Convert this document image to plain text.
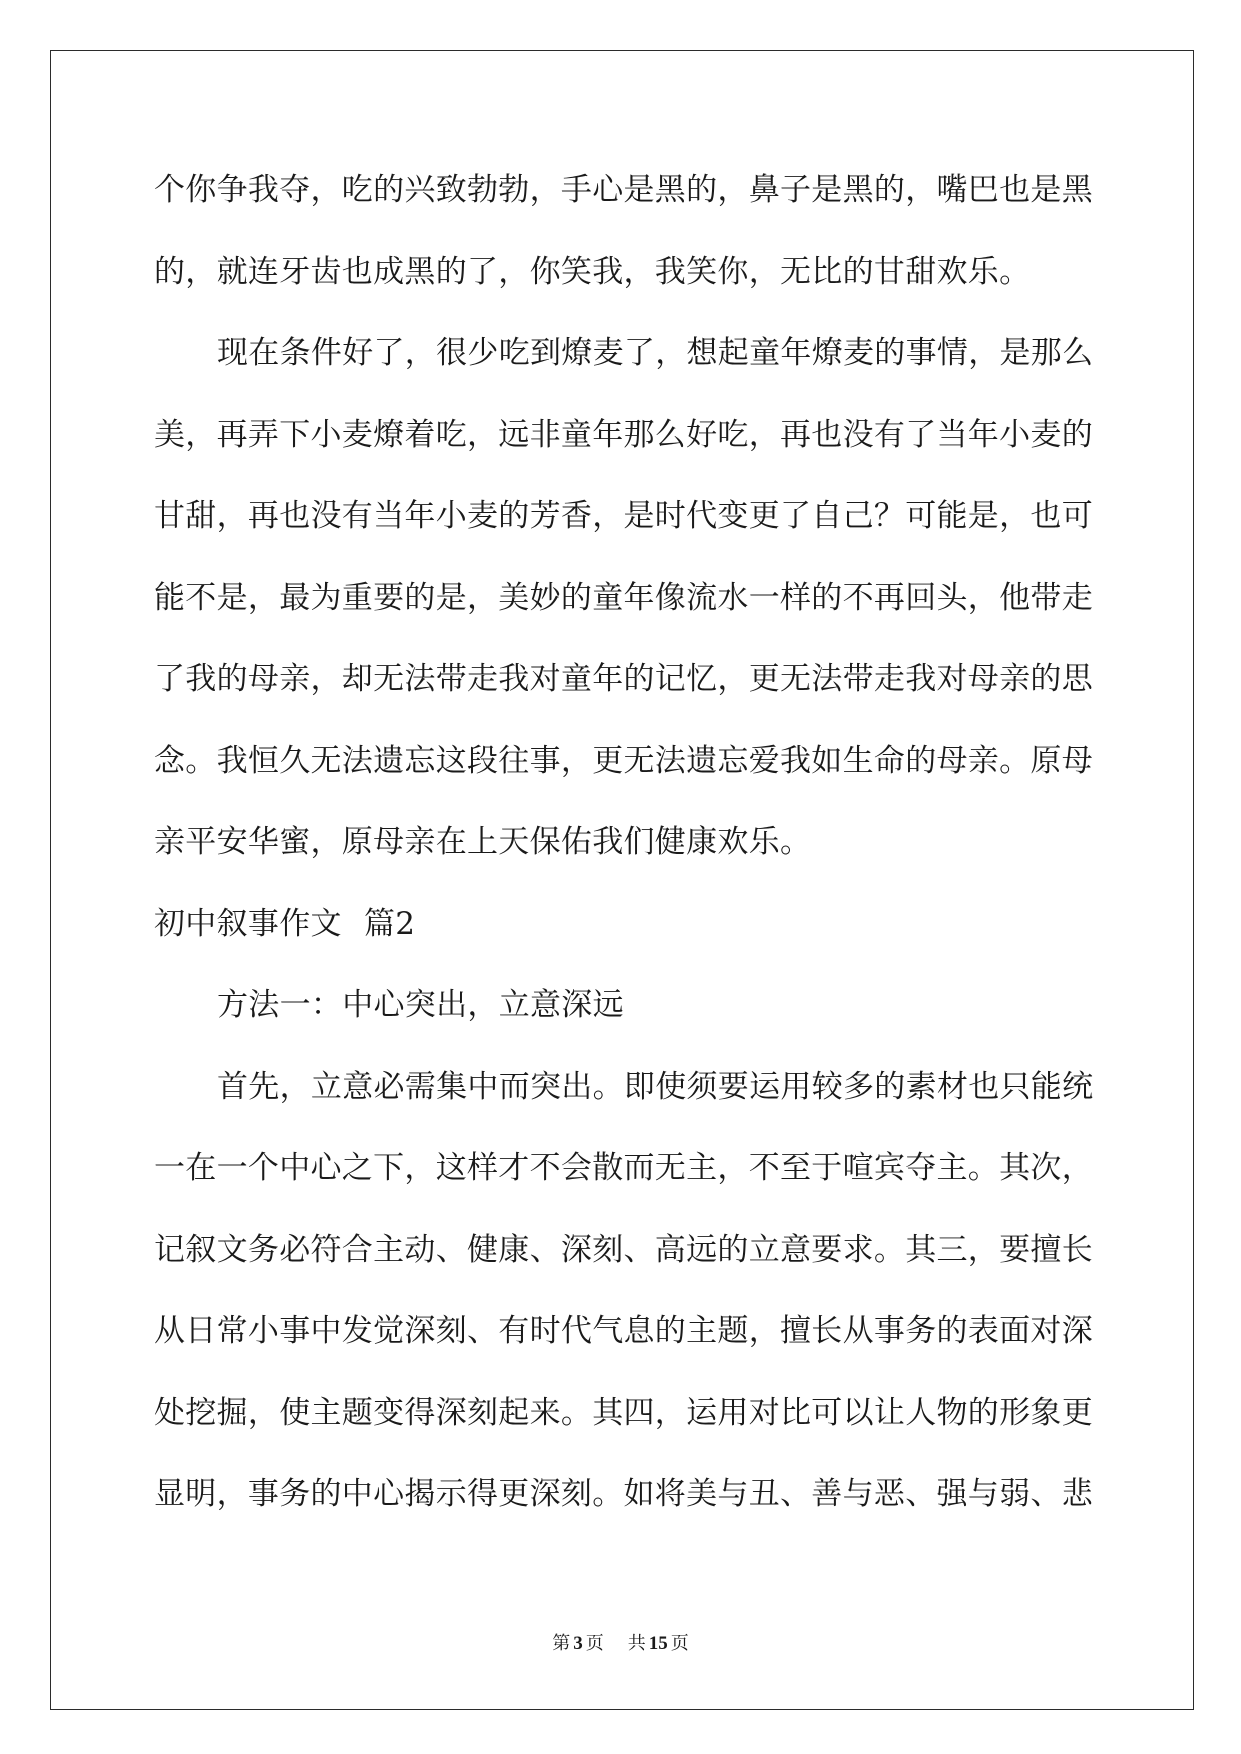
个你争我夺，吃的兴致勃勃，手心是黑的，鼻子是黑的，嘴巴也是黑
的，就连牙齿也成黑的了，你笑我，我笑你，无比的甘甜欢乐。
现在条件好了，很少吃到燎麦了，想起童年燎麦的事情，是那么
美，再弄下小麦燎着吃，远非童年那么好吃，再也没有了当年小麦的
甘甜，再也没有当年小麦的芳香，是时代变更了自己？可能是，也可
能不是，最为重要的是，美妙的童年像流水一样的不再回头，他带走
了我的母亲，却无法带走我对童年的记忆，更无法带走我对母亲的思
念。我恒久无法遗忘这段往事，更无法遗忘爱我如生命的母亲。原母
亲平安华蜜，原母亲在上天保佑我们健康欢乐。
初中叙事作文 篇2
方法一：中心突出，立意深远
首先，立意必需集中而突出。即使须要运用较多的素材也只能统
一在一个中心之下，这样才不会散而无主，不至于喧宾夺主。其次，
记叙文务必符合主动、健康、深刻、高远的立意要求。其三，要擅长
从日常小事中发觉深刻、有时代气息的主题，擅长从事务的表面对深
处挖掘，使主题变得深刻起来。其四，运用对比可以让人物的形象更
显明，事务的中心揭示得更深刻。如将美与丑、善与恶、强与弱、悲
第 3 页 共 15 页
